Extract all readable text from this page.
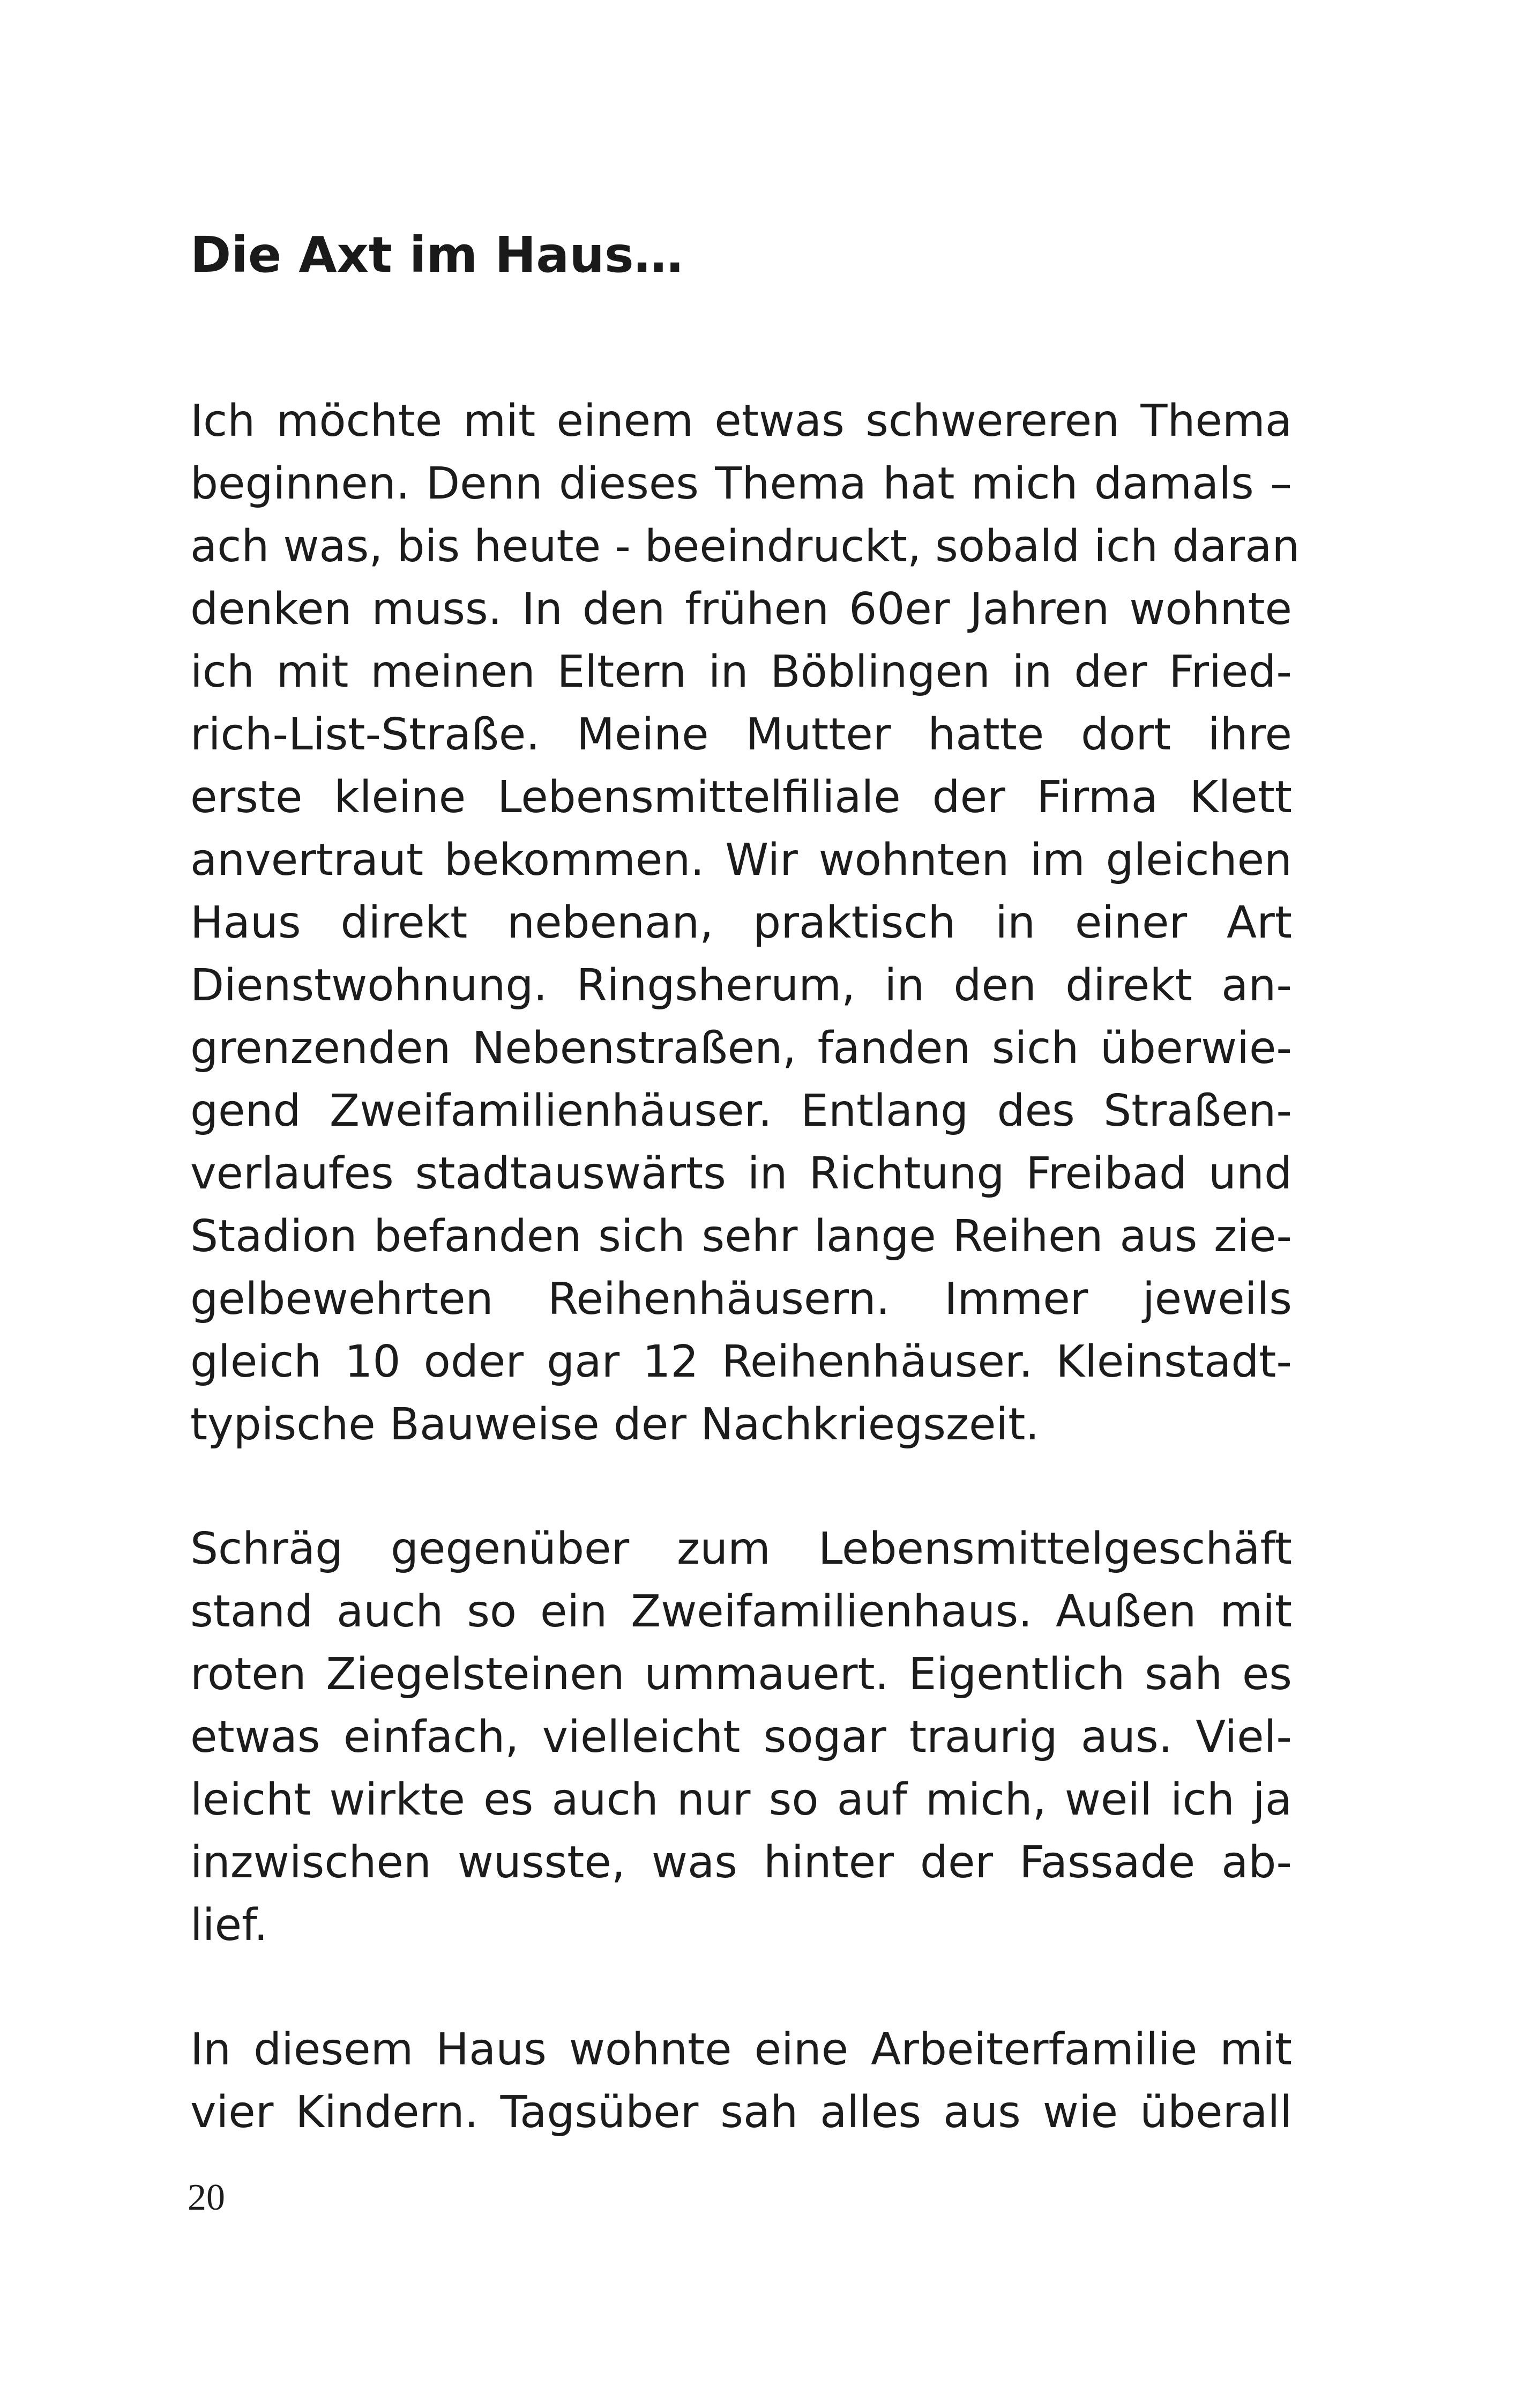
Die Axt im Haus…
Ich möchte mit einem etwas schwereren Thema
beginnen. Denn dieses Thema hat mich damals –
ach was, bis heute - beeindruckt, sobald ich daran
denken muss. In den frühen 60er Jahren wohnte
ich mit meinen Eltern in Böblingen in der Fried-
rich-List-Straße. Meine Mutter hatte dort ihre
erste kleine Lebensmittelfiliale der Firma Klett
anvertraut bekommen. Wir wohnten im gleichen
Haus direkt nebenan, praktisch in einer Art
Dienstwohnung. Ringsherum, in den direkt an-
grenzenden Nebenstraßen, fanden sich überwie-
gend Zweifamilienhäuser. Entlang des Straßen-
verlaufes stadtauswärts in Richtung Freibad und
Stadion befanden sich sehr lange Reihen aus zie-
gelbewehrten Reihenhäusern. Immer jeweils
gleich 10 oder gar 12 Reihenhäuser. Kleinstadt-
typische Bauweise der Nachkriegszeit.
Schräg gegenüber zum Lebensmittelgeschäft
stand auch so ein Zweifamilienhaus. Außen mit
roten Ziegelsteinen ummauert. Eigentlich sah es
etwas einfach, vielleicht sogar traurig aus. Viel-
leicht wirkte es auch nur so auf mich, weil ich ja
inzwischen wusste, was hinter der Fassade ab-
lief.
In diesem Haus wohnte eine Arbeiterfamilie mit
vier Kindern. Tagsüber sah alles aus wie überall
20
